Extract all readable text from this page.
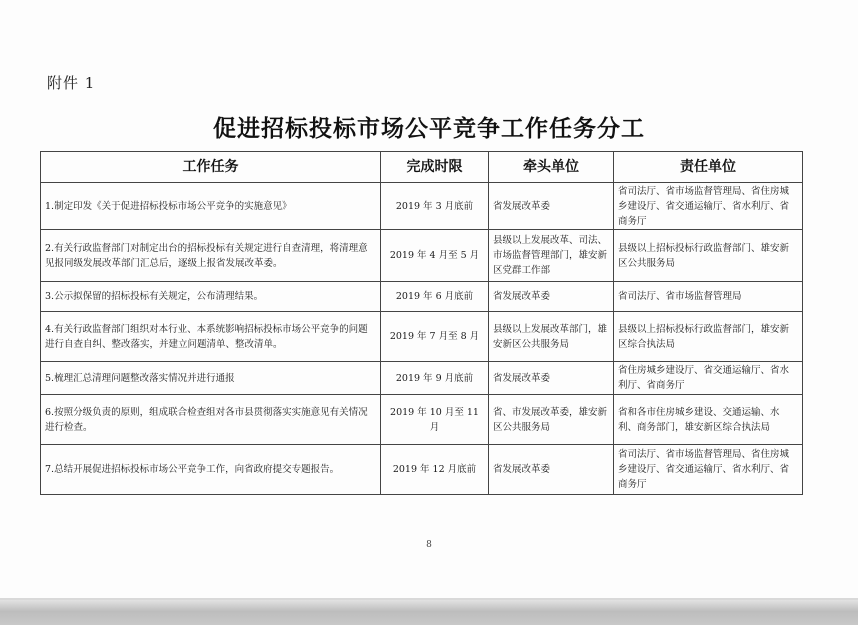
附件 1
促进招标投标市场公平竞争工作任务分工
工作任务	完成时限	牵头单位	责任单位
1.制定印发《关于促进招标投标市场公平竞争的实施意见》	2019 年 3 月底前	省发展改革委	省司法厅、省市场监督管理局、省住房城乡建设厅、省交通运输厅、省水利厅、省商务厅
2.有关行政监督部门对制定出台的招标投标有关规定进行自查清理，将清理意见报同级发展改革部门汇总后，逐级上报省发展改革委。	2019 年 4 月至 5 月	县级以上发展改革、司法、市场监督管理部门，雄安新区党群工作部	县级以上招标投标行政监督部门、雄安新区公共服务局
3.公示拟保留的招标投标有关规定，公布清理结果。	2019 年 6 月底前	省发展改革委	省司法厅、省市场监督管理局
4.有关行政监督部门组织对本行业、本系统影响招标投标市场公平竞争的问题进行自查自纠、整改落实，并建立问题清单、整改清单。	2019 年 7 月至 8 月	县级以上发展改革部门，雄安新区公共服务局	县级以上招标投标行政监督部门，雄安新区综合执法局
5.梳理汇总清理问题整改落实情况并进行通报	2019 年 9 月底前	省发展改革委	省住房城乡建设厅、省交通运输厅、省水利厅、省商务厅
6.按照分级负责的原则，组成联合检查组对各市县贯彻落实实施意见有关情况进行检查。	2019 年 10 月至 11 月	省、市发展改革委，雄安新区公共服务局	省和各市住房城乡建设、交通运输、水利、商务部门，雄安新区综合执法局
7.总结开展促进招标投标市场公平竞争工作，向省政府提交专题报告。	2019 年 12 月底前	省发展改革委	省司法厅、省市场监督管理局、省住房城乡建设厅、省交通运输厅、省水利厅、省商务厅
8
